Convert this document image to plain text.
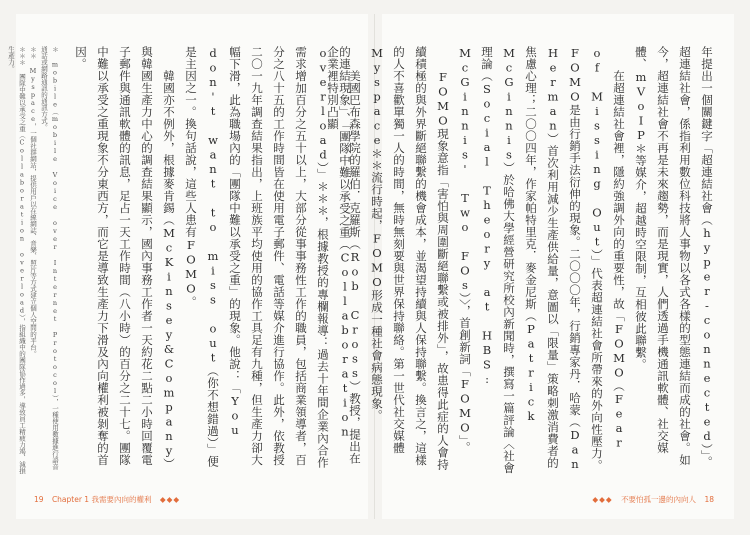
的連結現象」、「團隊中難以承受之重（Collaboration overload）」＊＊＊，根據教授的專欄報導：過去十年間企業內合作需求增加百分之五十以上，大部分從事事務性工作的職員，包括商業領導者，百分之八十五的工作時間皆在使用電子郵件、電話等媒介進行協作。此外，依教授二〇一九年調查結果指出，上班族平均使用的協作工具足有九種，但生產力卻大幅下滑，此為職場內的「團隊中難以承受之重」的現象。他說：「You don't want to miss out（你不想錯過）」便是主因之一。換句話說，這些人患有FOMO。
　　韓國亦不例外，根據麥肯錫（McKinsey&Company）與韓國生產力中心的調查結果顯示，國內事務工作者一天約花二點二小時回覆電子郵件與通訊軟體的訊息，足占一天工作時間（八小時）的百分之二十七。團隊中難以承受之重現象不分東西方，而它是導致生產力下滑及內向權利被剝奪的首因。
＊ mobile（mobile Voice over Internet Protocol），一種使用數據進行語音通話或網路通訊的通訊方式。
＊＊ Myspace，一個社群網站，提供用戶以在線網誌、音樂、照片等方式建立個人空間的平台。
＊＊＊ 團隊中難以承受之重（Collaboration overload），指組織中的團隊協作過多，導致員工精疲力竭、減損生產力。
19 Chapter 1 我需要內向的權利 ◆◆◆
年提出一個關鍵字「超連結社會（hyper-connected）」。超連結社會，係指利用數位科技將人事物以各式各樣的型態連結而成的社會。如今，超連結社會不再是未來趨勢，而是現實，人們透過手機通訊軟體、社交媒體、mVoIP＊等媒介，超越時空限制，互相彼此聯繫。
　　在超連結社會裡，隱約強調外向的重要性，故「FOMO（Fear of Missing Out）」代表超連結社會所帶來的外向性壓力。FOMO是由行銷手法衍伸的現象。二〇〇〇年，行銷專家丹．哈蒙（Dan Herman）首次利用減少生產供給量，意圖以「限量」策略刺激消費者的焦慮心理；二〇〇四年，作家帕特里克．麥金尼斯（Patrick McGinnis）於哈佛大學經營研究所校內新聞時，撰寫一篇評論〈社會理論（Social Theory at HBS: McGinnis' Two FOs）〉，首創新詞「FOMO」。
　　FOMO現象意指「害怕與周圍斷絕聯繫或被排外」，故患得此症的人會持續積極的與外界斷絕聯繫的機會成本，並渴望持續與人保持聯繫。換言之，這樣的人不喜歡單獨一人的時間，無時無刻要與世界保持聯絡。第一世代社交媒體Myspace＊＊流行時起，FOMO形成一種社會病態現象。
　　美國巴布森學院的羅伯．克羅斯（Rob Cross）教授，提出在企業裡特別凸顯
◆◆◆ 不要怕孤一邊的內向人 18
